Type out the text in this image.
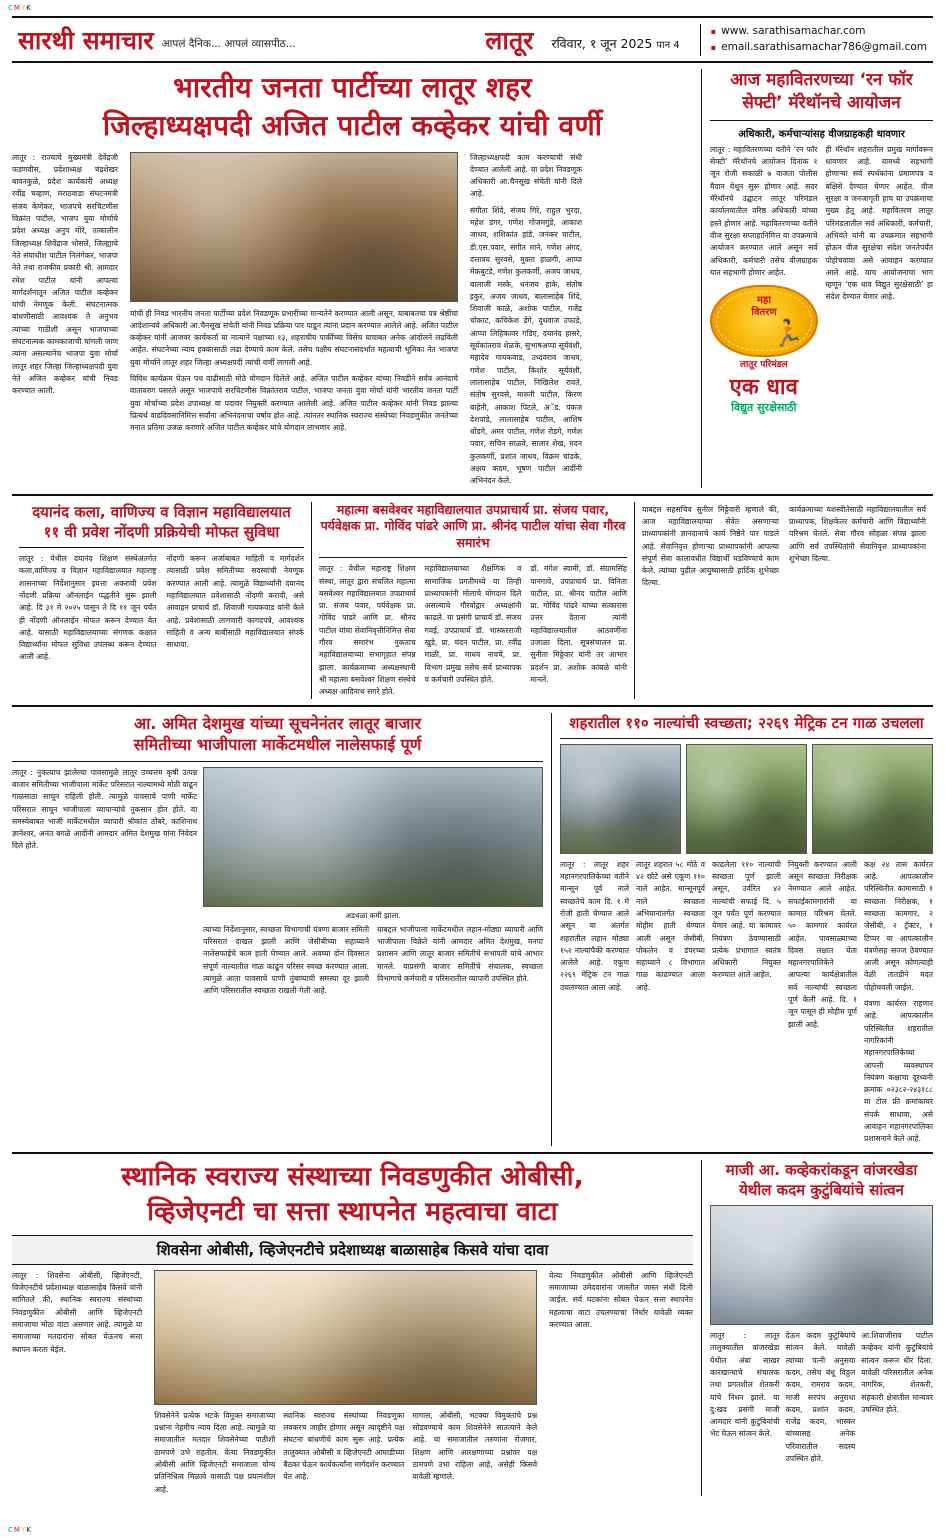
CMYK
CMYK
सारथी समाचार आपलं दैनिक... आपलं व्यासपीठ...	लातूर	रविवार, १ जून 2025 पान 4
▪ www. sarathisamachar.com
▪ email.sarathisamachar786@gmail.com
भारतीय जनता पार्टीच्या लातूर शहर
जिल्हाध्यक्षपदी अजित पाटील कव्हेकर यांची वर्णी
लातूर : राज्याचे मुख्यमंत्री देवेंद्रजी फडणवीस, प्रदेशाध्यक्ष चंद्रशेखर बावनकुळे, प्रदेश कार्यकारी अध्यक्ष रवींद्र चव्हाण, मराठवाडा संघटनमंत्री संजय केणेकर, भाजपचे सरचिटणीस विक्रांत पाटील, भाजप युवा मोर्चाचे प्रदेश अध्यक्ष अनुप मोरे, तत्कालीन जिल्हाध्यक्ष शिवेंद्राज भोसले, जिल्ह्याचे नेते संघाधीश पाटील निलंगेकर, भाजपा नेते तथा राजकीय प्रकारी श्री. आमदार रमेश पाटील यांनी आपल्या मार्गदर्शनातून अजित पाटील कव्हेकर यांची नेमणूक केली. संघटनात्मक बांधणीसाठी आवश्यक ते अनुभव त्यांच्या गाठीशी असून भाजपाच्या संघटनात्मक कामकाजाची चांगली जाण त्यांना असल्यानेच भाजपा युवा मोर्चा लातूर शहर जिल्हा जिल्हाध्यक्षपदी युवा नेते अजित कव्हेकर यांची निवड करण्यात आली.
यांची ही निवड भारतीय जनता पार्टीच्या प्रदेश निवडणूक प्रभारींच्या मान्यतेने करण्यात आली असून, याबाबतचा पत्र श्रेष्ठींचा आदेशान्वये अधिकारी आ.चैनसूख संचेती यांनी निवड प्रक्रिया पार पाडून त्यांना प्रदान करण्यात आलेले आहे. अजित पाटील कव्हेकर यांनी आजवर कार्यकर्ता या नात्याने पक्षाच्या १३, शहराचीय पार्कीच्या विसेच यावाबत अनेक आंदोलने लढविली आहेत. संघटनेच्या न्याय हक्कासाठी लढा देण्याचे काम केले. तसेच पक्षीय संघटनासंदर्भात महत्वाची भूमिका नेत भाजपा युवा मोर्चाने लातूर शहर जिल्हा अध्यक्षपदी त्यांची वर्णी लागली आहे.
विविध कार्यक्रम घेऊन पथ वाढीसाठी मोठे योगदान दिलेले आहे. अजित पाटील कव्हेकर यांच्या निवडीने सर्वत्र आनंदाचे वातावरण पसरले असून भाजपाचे सरचिटणीस विक्रांतराव पाटील, भाजपा जनता युवा मोर्चा यांनी भारतीय जनता पार्टी युवा मोर्चाच्या प्रदेश उपाध्यक्ष या पदावर नियुक्ती करण्यात आलेली आहे. अजित पाटील कव्हेकर यांनी निवड झाल्या प्रित्यर्थ वाढदिवसानिमित्त सर्वांना अभिनंदनाचा वर्षाव होत आहे. त्यांनतर स्थानिक स्वराज्य संस्थेच्या निवडणुकीत जनतेच्या मनात प्रतिमा उजळ करणारे अजित पाटील कव्हेकर यांचे योगदान लाभणार आहे.
जिल्हाध्यक्षपदी काम करण्याची संधी देण्यात आलेली आहे. या प्रदेश निवडणूक अधिकारी आ.चैनसूख संचेती यांनी दिले आहे.
संगीता शिंदे, संजय गिरे, राहुल भुरदा, महेश डंगर, गणेश गोजमगुंडे, आकाश जाधव, शशिकांत हांडे, जनंकर घाटील, डी.एस.पवार, संगीत माने, गणेश अंगद, दत्तात्रय सुरवसे, मुक्ता हाळगी, आप्पा मेकबुटडे, गणेश कुलकर्णी, अजय जाधव, बालाजी मस्के, धनंजय हाके, संतोष इकुर, अजय जाधव, बालासाहेब शिंदे, शिवाजी काळे, अशोक पाटील, गजेंद्र चोकाट, कचिकेश डेंगे, दुधवाज उफाडे, आप्पा लिहिकावर गडिए, दयानंद हासरे, सूर्यकांतराव शेळके, सुभाषअप्पा सूर्यवंशी, महादेव गायकवाड, उध्दवराव जाधव, गणेश पाटील, किशोर सूर्यवंशी, लालासाहेब पाटील, निखिलेश रावते, संतोष सुरवसे, मारुती पाटील, किरण बाहेती, आकाश पिटले, अॅड. पंकज देशपांडे, लालासाहेब पाटील, आशिष धोंडगे, अमर पाटील, गणेश रोडगे, गणेश पवार, सचिन साळवे, सालार शेख, मदन कुलकर्णी, प्रशांत जाधव, विक्रम चांडके, अक्षय कदम, भूषण पाटील आदींनी अभिनंदन केले.
आज महावितरणच्या ‘रन फॉर
सेफ्टी’ मॅरेथॉनचे आयोजन
अधिकारी, कर्मचाऱ्यांसह वीजग्राहकही धावणार
लातूर : महावितरणच्या वतीने ‘रन फॉर सेफ्टी’ मॅरेथॉनचे आयोजन दिनांक १ जून रोजी सकाळी ७ वाजता पोलीस मैदान येथून सुरू होणार आहे. सदर मॅरेथॉनचे उद्घाटन लातूर परिमंडल कार्यालयातील वरिष्ठ अधिकारी यांच्या हस्ते होणार आहे. महावितरणच्या वतीने वीज सुरक्षा सप्ताहानिमित्त या उपक्रमाचे आयोजन करण्यात आले असून सर्व अधिकारी, कर्मचारी तसेच वीजग्राहक यात सहभागी होणार आहेत.
महा
वितरण
🏃
लातूर परिमंडल
एक धाव
विद्युत सुरक्षेसाठी
ही मॅरेथॉन शहरातील प्रमुख मार्गावरून धावणार आहे. यामध्ये सहभागी होणाऱ्या सर्व स्पर्धकांना प्रमाणपत्र व बक्षिसे देण्यात येणार आहेत. वीज सुरक्षा व जनजागृती हाच या उपक्रमाचा मुख्य हेतू आहे. महावितरण लातूर परिमंडलातील सर्व अधिकारी, कर्मचारी, अभियंते यांनी या उपक्रमात सहभागी होऊन वीज सुरक्षेचा संदेश जनतेपर्यंत पोहोचवावा असे आवाहन करण्यात आले आहे. याच आयोजनाचा भाग म्हणून ‘एक धाव विद्युत सुरक्षेसाठी’ हा संदेश देण्यात येणार आहे.
दयानंद कला, वाणिज्य व विज्ञान महाविद्यालयात
११ वी प्रवेश नोंदणी प्रक्रियेची मोफत सुविधा
लातूर : येथील दयानंद शिक्षण संस्थेअंतर्गत कला,वाणिज्य व विज्ञान महाविद्यालयात महाराष्ट्र शासनाच्या निर्देशानुसार इयत्ता अकरावी प्रवेश नोंदणी प्रक्रिया ऑनलाईन पद्धतीने सुरू झाली आहे. दि ३१ मे २०२५ पासून ते दि ११ जून पर्यंत ही नोंदणी ऑनलाईन मोफत करून देण्यात येत आहे. यासाठी महाविद्यालयाच्या संगणक कक्षात विद्यार्थ्यांना मोफत सुविधा उपलब्ध करून देण्यात आली आहे.
नोंदणी करून अर्जाबाबत माहिती व मार्गदर्शन त्यासाठी प्रवेश समितीच्या सदस्यांची नेमणूक करण्यात आली आहे. त्यामुळे विद्यार्थ्यांनी दयानंद महाविद्यालयात प्रवेशासाठी नोंदणी करावी, असे आवाहन प्राचार्य डॉ. शिवाजी गायकवाड यांनी केले आहे. प्रवेशासाठी लागणारी कागदपत्रे, आवश्यक माहिती व अन्य बाबींसाठी महाविद्यालयात संपर्क साधावा.
महात्मा बसवेश्वर महाविद्यालयात उपप्राचार्य प्रा. संजय पवार, पर्यवेक्षक प्रा. गोविंद पांढरे आणि प्रा. श्रीनंद पाटील यांचा सेवा गौरव समारंभ
लातूर : येथील महाराष्ट्र शिक्षण संस्था, लातूर द्वारा संचलित महात्मा बसवेश्वर महाविद्यालयात उपप्राचार्य प्रा. संजय पवार, पर्यवेक्षक प्रा. गोविंद पांढरे आणि प्रा. श्रीनंद पाटील यांचा सेवानिवृत्तीनिमित्त सेवा गौरव समारंभ नुकताच महाविद्यालयाच्या सभागृहात संपन्न झाला. कार्यक्रमाच्या अध्यक्षस्थानी श्री महात्मा बसवेश्वर शिक्षण संस्थेचे अध्यक्ष आदिनाथ सगरे होते.
महाविद्यालयाच्या शैक्षणिक व सामाजिक प्रगतीमध्ये या तिन्ही प्राध्यापकांनी मोलाचे योगदान दिले असल्याचे गौरवोद्गार अध्यक्षांनी काढले. या प्रसंगी प्राचार्य डॉ. संजय गवई, उपप्राचार्य डॉ. भास्करराजी खुडे, प्रा. चंदन पाटील, प्रा. रवींद्र माळी, प्रा. माधव नावचे, प्रा. विभाग प्रमुख तसेच सर्व प्राध्यापक व कर्मचारी उपस्थित होते.
डॉ. मंगेश स्वामी, डॉ. संग्रामसिंह पानगावे, उपप्राचार्य प्रा. विनिता पाटील, प्रा. श्रीनंद पाटील आणि प्रा. गोविंद पांढरे यांच्या सत्कारास उत्तर देताना त्यांनी महाविद्यालयातील आठवणींना उजाळा दिला. सूत्रसंचालन प्रा. सुनीता मिठ्ठेवार यांनी तर आभार प्रदर्शन प्रा. अशोक कांबळे यांनी मानले.
याबद्दल सहसचिव सुनील मिठ्ठेवारी म्हणाले की, आज महाविद्यालयाच्या सेवेत असणाऱ्या प्राध्यापकांनी ज्ञानदानाचे कार्य निष्ठेने पार पाडले आहे. सेवानिवृत्त होणाऱ्या प्राध्यापकांनी आपल्या संपूर्ण सेवा कालावधीत विद्यार्थी घडविण्याचे काम केले. त्यांच्या पुढील आयुष्यासाठी हार्दिक शुभेच्छा दिल्या.
कार्यक्रमाच्या यशस्वीतेसाठी महाविद्यालयातील सर्व प्राध्यापक, शिक्षकेतर कर्मचारी आणि विद्यार्थ्यांनी परिश्रम घेतले. सेवा गौरव सोहळा संपन्न झाला आणि सर्व उपस्थितांनी सेवानिवृत्त प्राध्यापकांना शुभेच्छा दिल्या.
आ. अमित देशमुख यांच्या सूचनेनंतर लातूर बाजार
समितीच्या भाजीपाला मार्केटमधील नालेसफाई पूर्ण
लातूर : नुकत्याच झालेल्या पावसामुळे लातूर उच्चत्तम कृषी उत्पन्न बाजार समितीच्या भाजीपाला मार्केट परिसरात नाल्यामध्ये मोठी वाढून गाळसाठा साचून राहिली होती. त्यामुळे पावसाचे पाणी मार्केट परिसरात साचून भाजीपाला व्यापाऱ्यांचे नुकसान होत होते. या समस्येबाबत भाजी मार्केटमधील व्यापारी श्रीकांत ठोंबरे, काशिनाथ ज्ञानेश्वर, अनंत बगळे आदींनी आमदार अमित देशमुख यांना निवेदन दिले होते.
अडथळा कमी झाला.
त्यांच्या निर्देशानुसार, स्वच्छता विभागाची यंत्रणा बाजार समिती परिसरात दाखल झाली आणि जेसीबीच्या सहाय्याने नालेसफाईचे काम हाती घेण्यात आले. अवघ्या दोन दिवसात संपूर्ण नाल्यातील गाळ काढून परिसर स्वच्छ करण्यात आला. त्यामुळे आता पावसाचे पाणी तुंबण्याची समस्या दूर झाली आणि परिसरातील स्वच्छता राखली गेली आहे.
याबद्दल भाजीपाला मार्केटमधील लहान-मोठ्या व्यापारी आणि भाजीपाला विक्रेते यांनी आमदार अमित देशमुख, मनपा प्रशासन आणि लातूर बाजार समितीचे सभापती यांचे आभार मानले. याप्रसंगी बाजार समितीचे संचालक, स्वच्छता विभागाचे कर्मचारी व परिसरातील व्यापारी उपस्थित होते.
शहरातील ११० नाल्यांची स्वच्छता; २२६९ मेट्रिक टन गाळ उचलला
लातूर : लातूर शहर महानगरपालिकेच्या वतीने मान्सून पूर्व नाले स्वच्छतेचे काम दि. १ मे रोजी हाती घेण्यात आले असून या अंतर्गत शहरातील लहान मोठ्या १५२ नाल्यांपैकी करण्यात आलेले आहे. एकूण २२६९ मेट्रिक टन गाळ उचलण्यात आला आहे.
लातूर शहरात ५८ मोठे व ४२ छोटे असे एकूण ११० नाले आहेत. मान्सूनपूर्व नाले स्वच्छता अभियानांतर्गत स्वच्छता मोहीम हाती घेण्यात आली असून जेसीबी, पोकलेन व डंपरच्या सहाय्याने ८ विभागात गाळ काढण्यात आला आहे.
काढलेला ११० नाल्यांची स्वच्छता पूर्ण झाली असून, उर्वरित ४२ नाल्यांची सफाई दि. ५ जून पर्यंत पूर्ण करण्यात येणार आहे. या कामावर नियंत्रण ठेवण्यासाठी प्रत्येक प्रभागात स्वतंत्र अधिकारी नियुक्त करण्यात आले आहेत.
नियुक्ती करण्यात आली असून स्वच्छता निरीक्षक नेमण्यात आले आहेत. सफाईकामगारांनी या कामात परिश्रम घेतले. ५० कामगार कार्यरत आहेत. पावसाळ्याच्या दिवस लक्षात घेता महानगरपालिकेने आपल्या कार्यक्षेत्रातील सर्व नाल्यांची स्वच्छता पूर्ण केली आहे. दि. १ जून पासून ही मोहीम पूर्ण झाली आहे.
कक्ष २४ तास कार्यरत आहे. आपत्कालीन परिस्थितीत कामासाठी १ स्वच्छता निरीक्षक, १ स्वच्छता कामगार, २ जेसीबी, २ ट्रॅक्टर, १ टिप्पर या आपत्कालीन यंत्रणेसह सज्ज ठेवण्यात आली असून कोणत्याही वेळी तातडीने मदत पोहोचवली जाईल.
यंत्रणा कार्यरत राहणार आहे. आपत्कालीन परिस्थितीत शहरातील नागरिकांनी महानगरपालिकेच्या आपत्ती व्यवस्थापन नियंत्रण कक्षाचा दूरध्वनी क्रमांक ०२३८२-२४३१८८ या टोल फ्री क्रमांकावर संपर्क साधावा, असे आवाहन महानगरपालिका प्रशासनाने केले आहे.
स्थानिक स्वराज्य संस्थाच्या निवडणुकीत ओबीसी,
व्हिजेएनटी चा सत्ता स्थापनेत महत्वाचा वाटा
शिवसेना ओबीसी, व्हिजेएनटीचे प्रदेशाध्यक्ष बाळासाहेब किसवे यांचा दावा
लातूर : शिवसेना ओबीसी, व्हिजेएनटी, विजेएनटीचे प्रदेशाध्यक्ष बाळासाहेब किसवे यांनी सांगितले की, स्थानिक स्वराज्य संस्थांच्या निवडणुकीत ओबीसी आणि व्हिजेएनटी समाजाचा मोठा वाटा असणार आहे. त्यामुळे या समाजाच्या मतदारांना सोबत घेऊनच सत्ता स्थापन करता येईल.
शिवसेनेने प्रत्येक भटके विमुक्त समाजाच्या प्रश्नांना नेहमीच न्याय दिला आहे. त्यामुळे या समाजातील मतदार शिवसेनेच्या पाठीशी ठामपणे उभे राहतील. येत्या निवडणुकीत ओबीसी आणि व्हिजेएनटी समाजाला योग्य प्रतिनिधित्व मिळावे यासाठी पक्ष प्रयत्नशील आहे.
स्थानिक स्वराज्य संस्थांच्या निवडणुका लवकरच जाहीर होणार असून त्यादृष्टीने पक्ष संघटना बांधणीचे काम सुरू आहे. प्रत्येक तालुक्यात ओबीसी व व्हिजेएनटी आघाडीच्या बैठका घेऊन कार्यकर्त्यांना मार्गदर्शन करण्यात येत आहे.
मागास, ओबीसी, भटक्या विमुक्तांचे प्रश्न सोडवण्याचे काम शिवसेनेने सातत्याने केले आहे. या समाजातील तरुणांना रोजगार, शिक्षण आणि आरक्षणाच्या प्रश्नांवर पक्ष ठामपणे उभा राहिला आहे, असेही किसवे यावेळी म्हणाले.
येत्या निवडणुकीत ओबीसी आणि व्हिजेएनटी समाजाच्या उमेदवारांना जास्तीत जास्त संधी दिली जाईल. सर्व घटकांना सोबत घेऊन सत्ता स्थापनेत महत्वाचा वाटा उचलण्याचा निर्धार यावेळी व्यक्त करण्यात आला.
माजी आ. कव्हेकरांकडून वांजरखेडा
येथील कदम कुटुंबियांचे सांत्वन
लातूर : लातूर तालुक्यातील वांजरखेडा येथील अंबा साखर कारखान्याचे संचालक तथा प्रगतशील शेतकरी यांचे निधन झाले. या दु:खद प्रसंगी माजी आमदार यांनी कुटुंबियांची भेट घेऊन सांत्वन केले.
देऊन कदम कुटुंबियांचे सांत्वन केले. यावेळी त्यांच्या पत्नी अनुसया कदम, तसेच बंधू विठ्ठल कदम, रामराव कदम, माजी सरपंच अनुराधा कदम, प्रशांत कदम, राजेंद्र कदम, भास्कर यांच्यासह अनेक परिवारातील सदस्य उपस्थित होते.
आ.शिवाजीराव पाटील कव्हेकर यांनी कुटुंबियांचे सांत्वन करून धीर दिला. यावेळी परिसरातील अनेक नागरिक, शेतकरी, सहकारी क्षेत्रातील मान्यवर उपस्थित होते.
